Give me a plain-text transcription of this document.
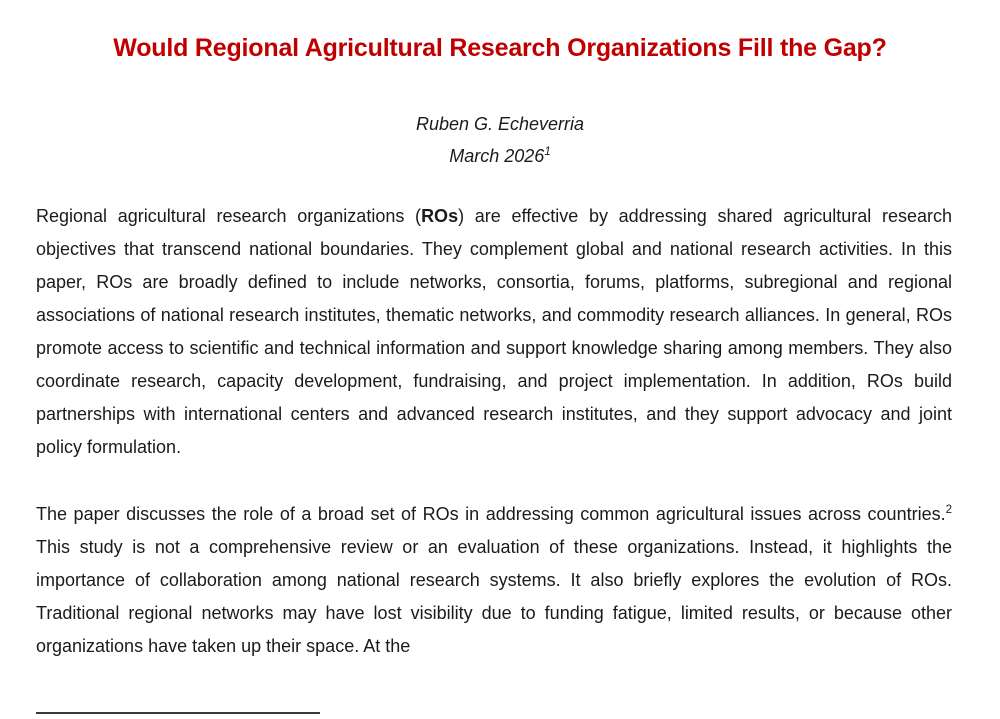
Would Regional Agricultural Research Organizations Fill the Gap?
Ruben G. Echeverria
March 2026$^1$

Regional agricultural research organizations (ROs) are effective by addressing shared agricultural research objectives that transcend national boundaries. They complement global and national research activities. In this paper, ROs are broadly defined to include networks, consortia, forums, platforms, subregional and regional associations of national research institutes, thematic networks, and commodity research alliances. In general, ROs promote access to scientific and technical information and support knowledge sharing among members. They also coordinate research, capacity development, fundraising, and project implementation. In addition, ROs build partnerships with international centers and advanced research institutes, and they support advocacy and joint policy formulation.

The paper discusses the role of a broad set of ROs in addressing common agricultural issues across countries.$^2$ This study is not a comprehensive review or an evaluation of these organizations. Instead, it highlights the importance of collaboration among national research systems. It also briefly explores the evolution of ROs. Traditional regional networks may have lost visibility due to funding fatigue, limited results, or because other organizations have taken up their space. At the
